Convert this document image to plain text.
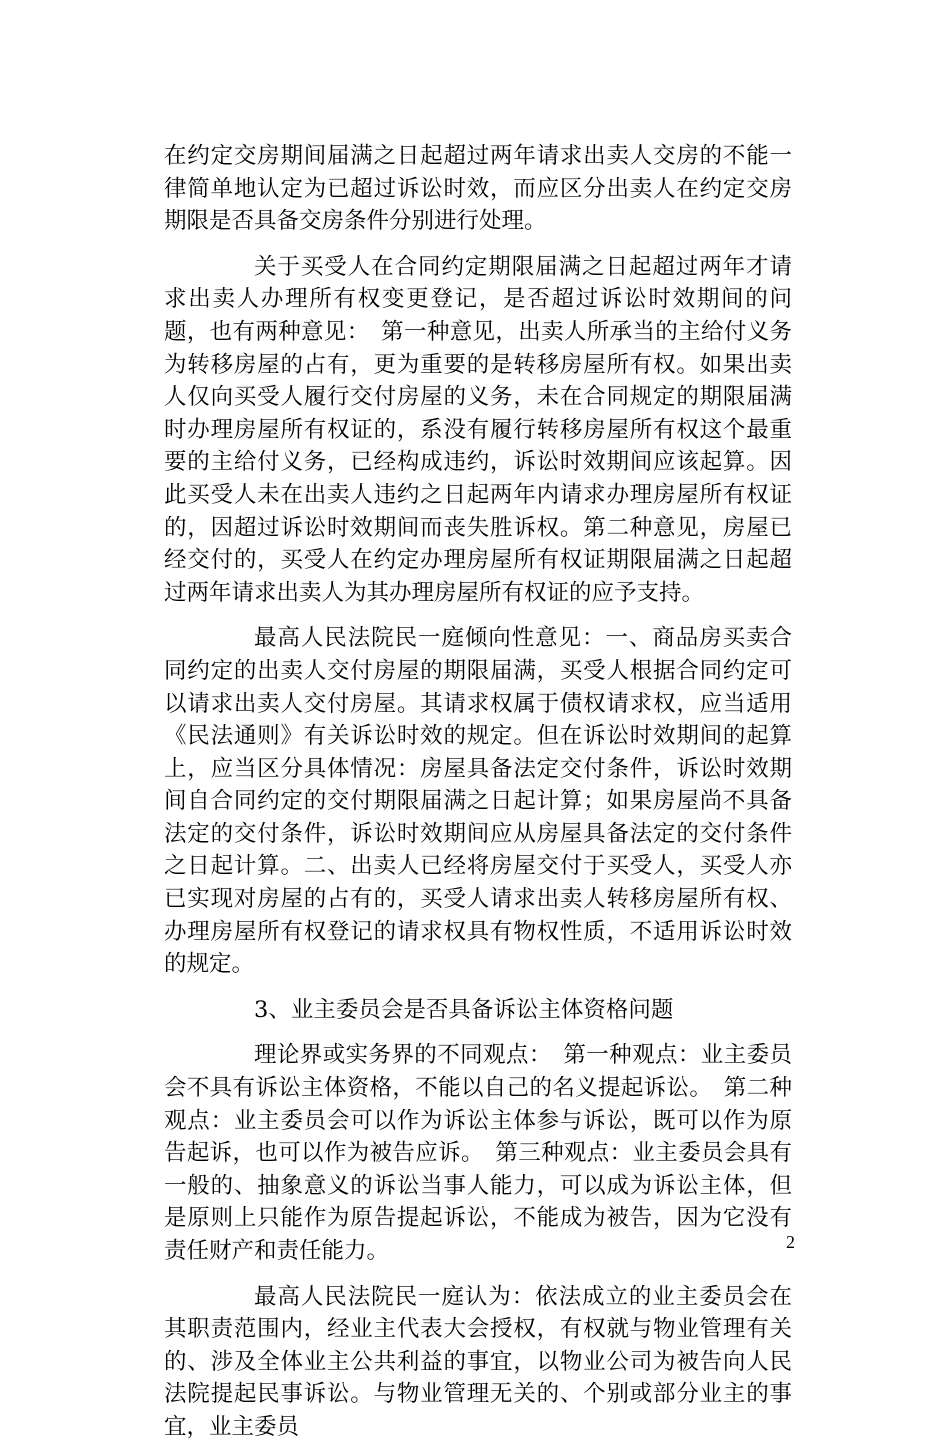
在约定交房期间届满之日起超过两年请求出卖人交房的不能一律简单地认定为已超过诉讼时效，而应区分出卖人在约定交房期限是否具备交房条件分别进行处理。

关于买受人在合同约定期限届满之日起超过两年才请求出卖人办理所有权变更登记，是否超过诉讼时效期间的问题，也有两种意见：　第一种意见，出卖人所承当的主给付义务为转移房屋的占有，更为重要的是转移房屋所有权。如果出卖人仅向买受人履行交付房屋的义务，未在合同规定的期限届满时办理房屋所有权证的，系没有履行转移房屋所有权这个最重要的主给付义务，已经构成违约，诉讼时效期间应该起算。因此买受人未在出卖人违约之日起两年内请求办理房屋所有权证的，因超过诉讼时效期间而丧失胜诉权。第二种意见，房屋已经交付的，买受人在约定办理房屋所有权证期限届满之日起超过两年请求出卖人为其办理房屋所有权证的应予支持。

最高人民法院民一庭倾向性意见：一、商品房买卖合同约定的出卖人交付房屋的期限届满，买受人根据合同约定可以请求出卖人交付房屋。其请求权属于债权请求权，应当适用《民法通则》有关诉讼时效的规定。但在诉讼时效期间的起算上，应当区分具体情况：房屋具备法定交付条件，诉讼时效期间自合同约定的交付期限届满之日起计算；如果房屋尚不具备法定的交付条件，诉讼时效期间应从房屋具备法定的交付条件之日起计算。二、出卖人已经将房屋交付于买受人，买受人亦已实现对房屋的占有的，买受人请求出卖人转移房屋所有权、办理房屋所有权登记的请求权具有物权性质，不适用诉讼时效的规定。

3、业主委员会是否具备诉讼主体资格问题

理论界或实务界的不同观点：　第一种观点：业主委员会不具有诉讼主体资格，不能以自己的名义提起诉讼。　第二种观点：业主委员会可以作为诉讼主体参与诉讼，既可以作为原告起诉，也可以作为被告应诉。　第三种观点：业主委员会具有一般的、抽象意义的诉讼当事人能力，可以成为诉讼主体，但是原则上只能作为原告提起诉讼，不能成为被告，因为它没有责任财产和责任能力。

最高人民法院民一庭认为：依法成立的业主委员会在其职责范围内，经业主代表大会授权，有权就与物业管理有关的、涉及全体业主公共利益的事宜，以物业公司为被告向人民法院提起民事诉讼。与物业管理无关的、个别或部分业主的事宜，业主委员

2
